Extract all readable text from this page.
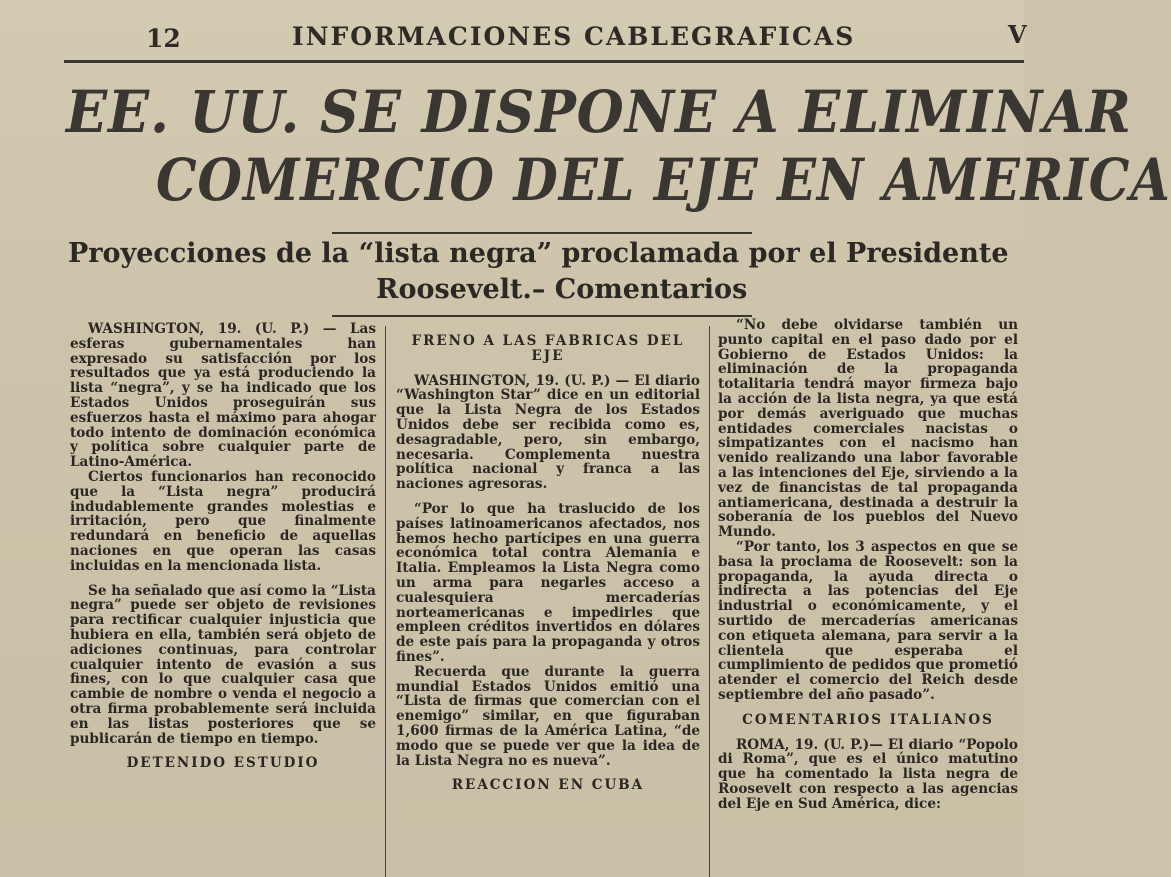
12	INFORMACIONES CABLEGRAFICAS	V
EE. UU. SE DISPONE A ELIMINAR
COMERCIO DEL EJE EN AMERICA
Proyecciones de la “lista negra” proclamada por el Presidente
Roosevelt.– Comentarios

WASHINGTON, 19. (U. P.) — Las esferas gubernamentales han expresado su satisfacción por los resultados que ya está produciendo la lista “negra”, y se ha indicado que los Estados Unidos proseguirán sus esfuerzos hasta el máximo para ahogar todo intento de dominación económica y política sobre cualquier parte de Latino-América.

Ciertos funcionarios han reconocido que la “Lista negra” producirá indudablemente grandes molestias e irritación, pero que finalmente redundará en beneficio de aquellas naciones en que operan las casas incluidas en la mencionada lista.

Se ha señalado que así como la “Lista negra” puede ser objeto de revisiones para rectificar cualquier injusticia que hubiera en ella, también será objeto de adiciones continuas, para controlar cualquier intento de evasión a sus fines, con lo que cualquier casa que cambie de nombre o venda el negocio a otra firma probablemente será incluida en las listas posteriores que se publicarán de tiempo en tiempo.

DETENIDO ESTUDIO
FRENO A LAS FABRICAS DEL EJE

WASHINGTON, 19. (U. P.) — El diario “Washington Star” dice en un editorial que la Lista Negra de los Estados Unidos debe ser recibida como es, desagradable, pero, sin embargo, necesaria. Complementa nuestra política nacional y franca a las naciones agresoras.

“Por lo que ha traslucido de los países latinoamericanos afectados, nos hemos hecho partícipes en una guerra económica total contra Alemania e Italia. Empleamos la Lista Negra como un arma para negarles acceso a cualesquiera mercaderías norteamericanas e impedirles que empleen créditos invertidos en dólares de este país para la propaganda y otros fines”.

Recuerda que durante la guerra mundial Estados Unidos emitió una “Lista de firmas que comercian con el enemigo” similar, en que figuraban 1,600 firmas de la América Latina, “de modo que se puede ver que la idea de la Lista Negra no es nueva”.

REACCION EN CUBA

“No debe olvidarse también un punto capital en el paso dado por el Gobierno de Estados Unidos: la eliminación de la propaganda totalitaria tendrá mayor firmeza bajo la acción de la lista negra, ya que está por demás averiguado que muchas entidades comerciales nacistas o simpatizantes con el nacismo han venido realizando una labor favorable a las intenciones del Eje, sirviendo a la vez de financistas de tal propaganda antiamericana, destinada a destruir la soberanía de los pueblos del Nuevo Mundo.

“Por tanto, los 3 aspectos en que se basa la proclama de Roosevelt: son la propaganda, la ayuda directa o indirecta a las potencias del Eje industrial o económicamente, y el surtido de mercaderías americanas con etiqueta alemana, para servir a la clientela que esperaba el cumplimiento de pedidos que prometió atender el comercio del Reich desde septiembre del año pasado”.

COMENTARIOS ITALIANOS

ROMA, 19. (U. P.)— El diario “Popolo di Roma”, que es el único matutino que ha comentado la lista negra de Roosevelt con respecto a las agencias del Eje en Sud América, dice:
